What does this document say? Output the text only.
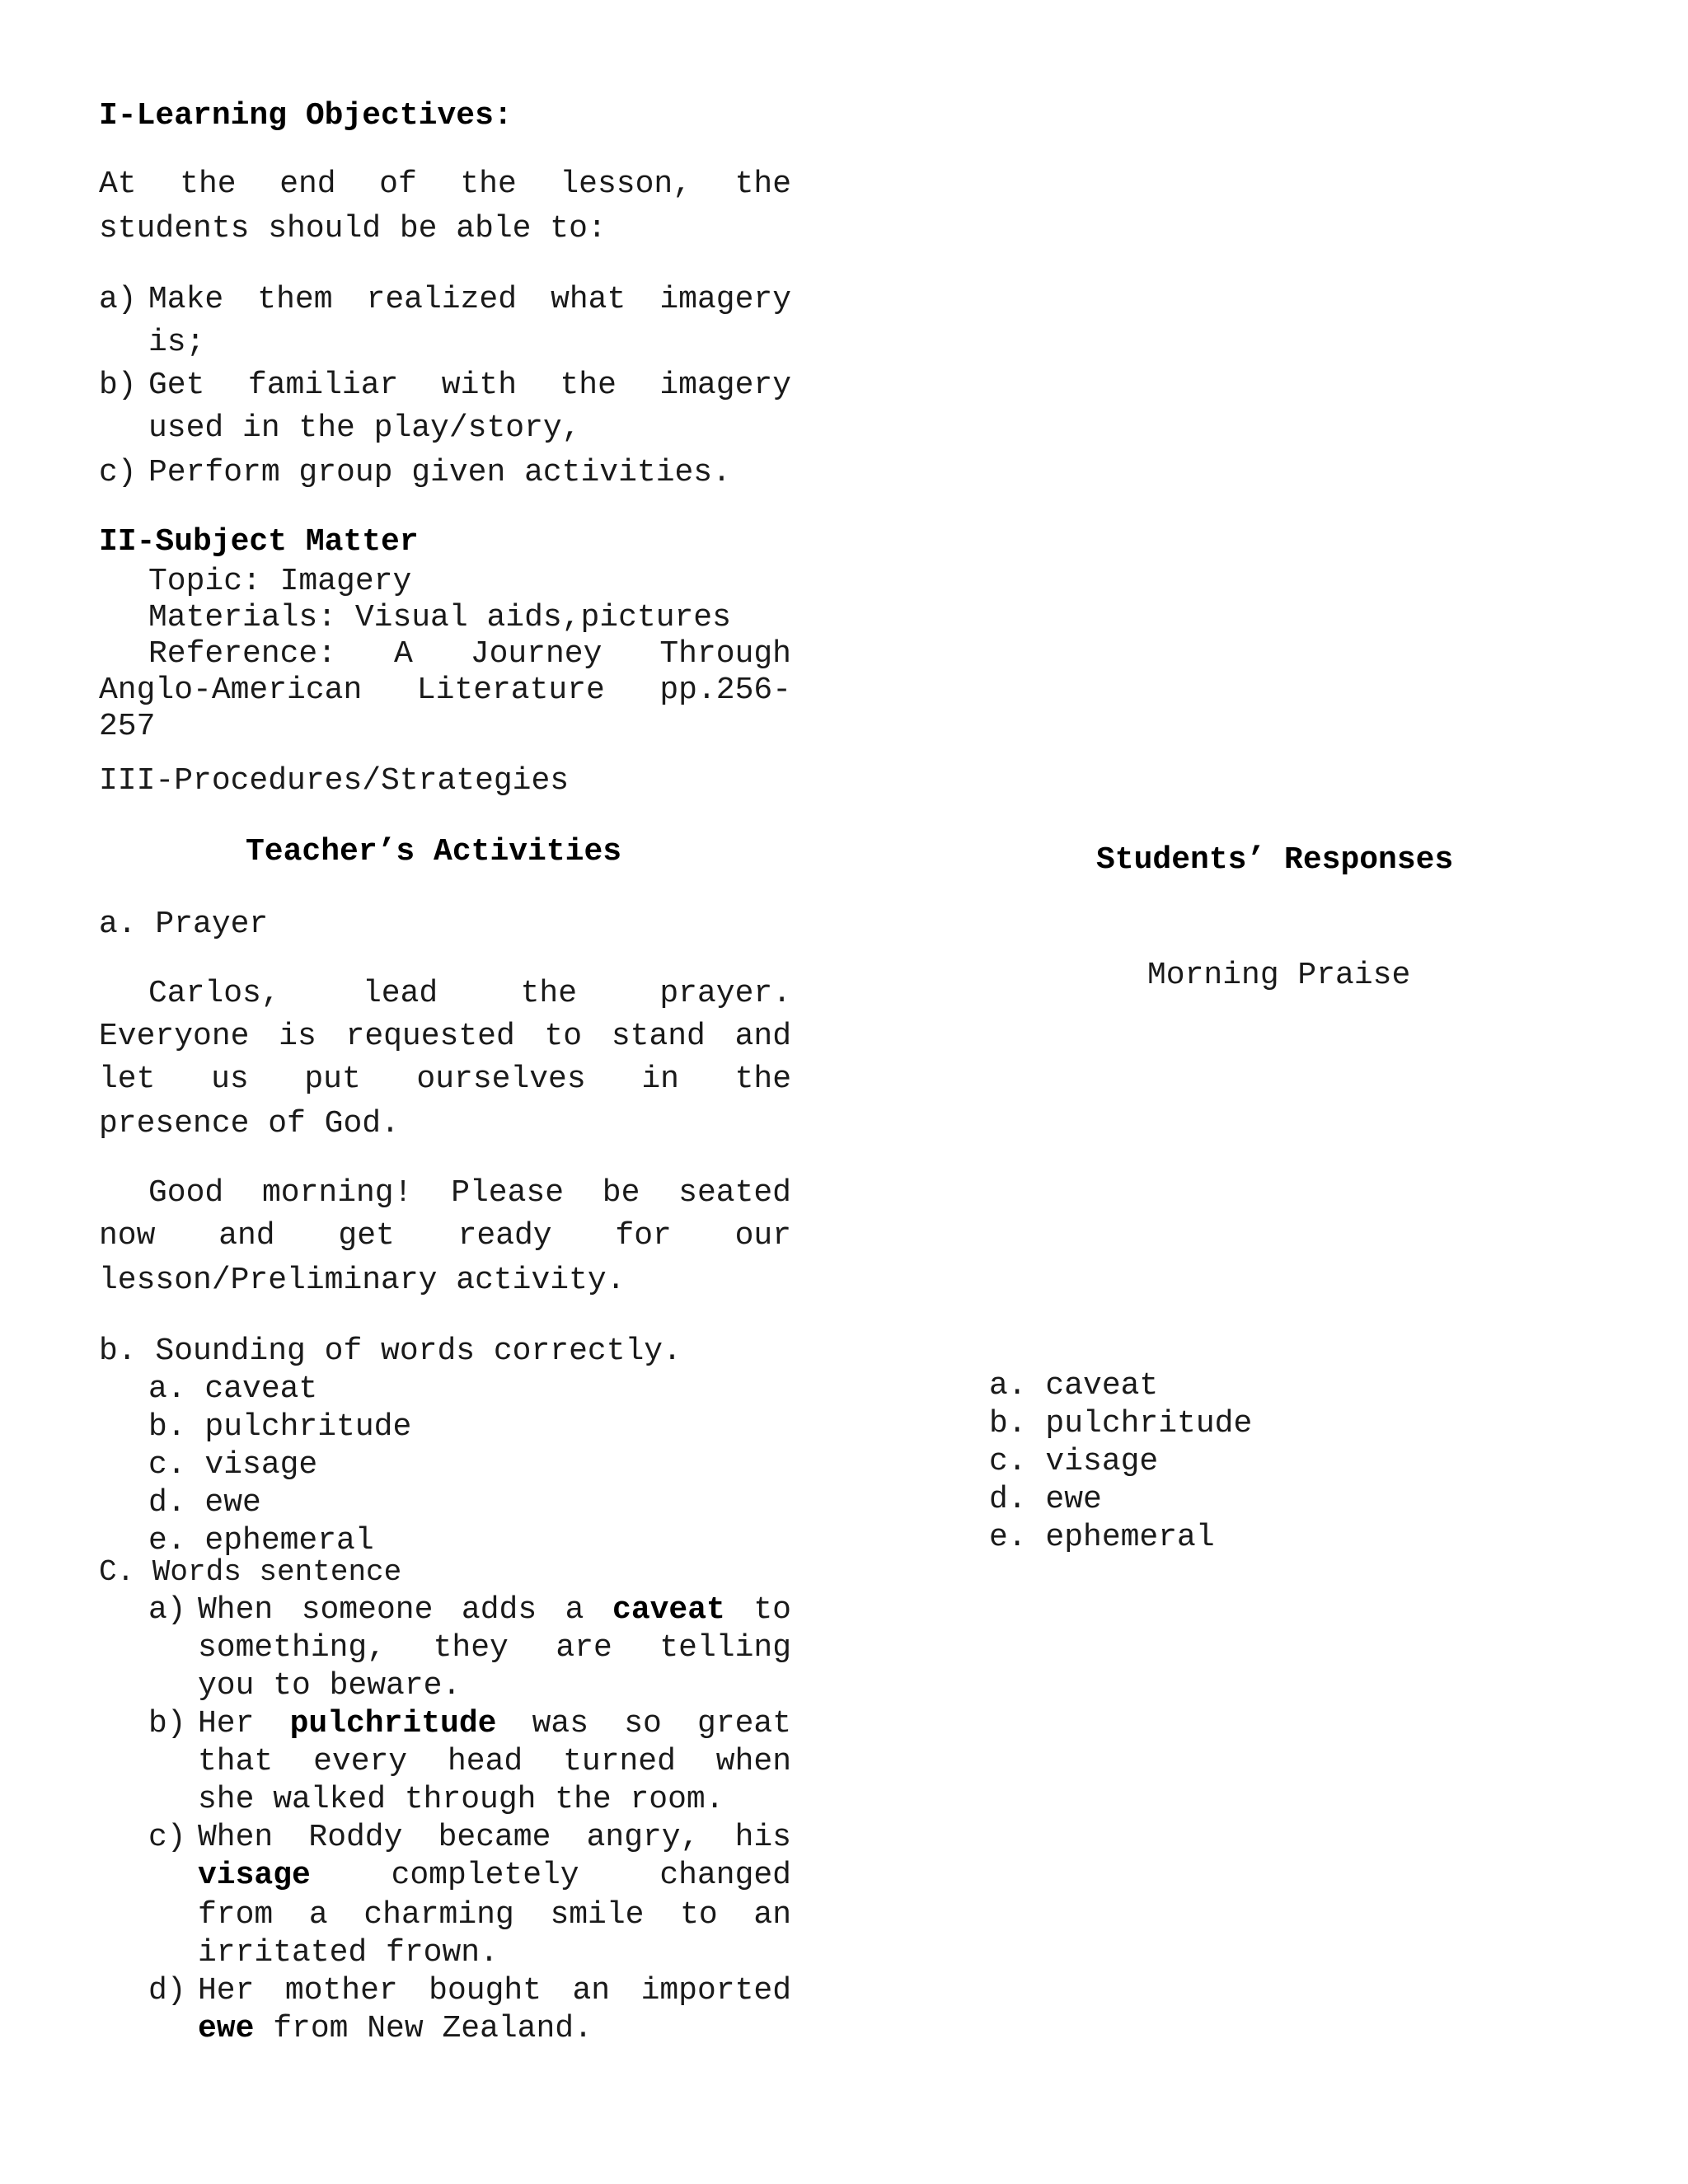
I-Learning Objectives:
At the end of the lesson, the
students should be able to:
a) Make them realized what imagery
is;
b) Get familiar with the imagery
used in the play/story,
c) Perform group given activities.
II-Subject Matter
Topic: Imagery
Materials: Visual aids,pictures
Reference: A Journey Through
Anglo-American Literature pp.256-
257
III-Procedures/Strategies
Teacher’s Activities	Students’ Responses
a. Prayer
Morning Praise
Carlos, lead the prayer.
Everyone is requested to stand and
let us put ourselves in the
presence of God.
Good morning! Please be seated
now and get ready for our
lesson/Preliminary activity.
b. Sounding of words correctly.
a. caveat
b. pulchritude
c. visage
d. ewe
e. ephemeral
a. caveat
b. pulchritude
c. visage
d. ewe
e. ephemeral
C. Words sentence
a) When someone adds a caveat to
something, they are telling
you to beware.
b) Her pulchritude was so great
that every head turned when
she walked through the room.
c) When Roddy became angry, his
visage completely changed
from a charming smile to an
irritated frown.
d) Her mother bought an imported
ewe from New Zealand.
